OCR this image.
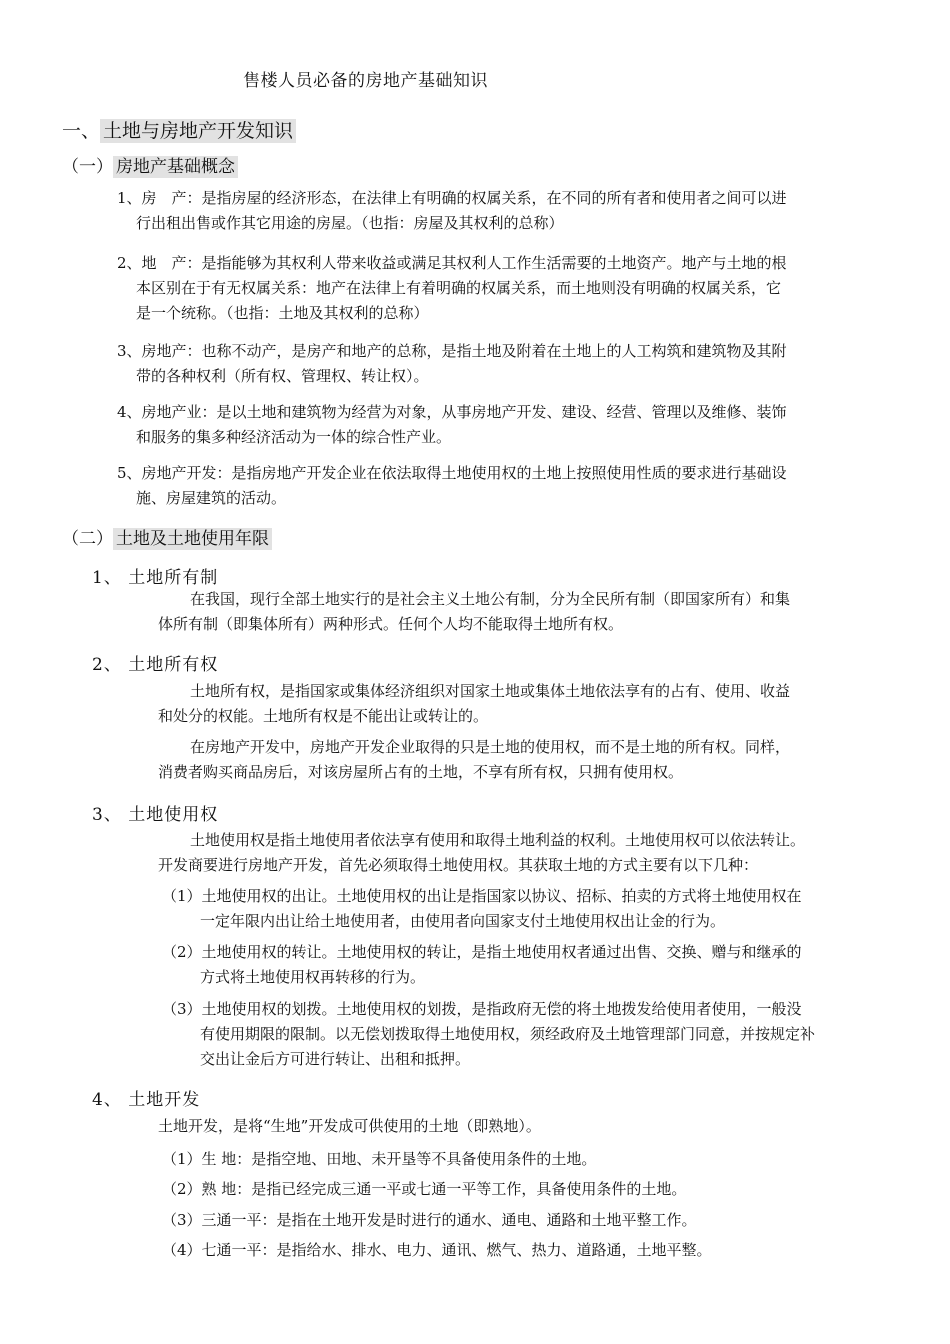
售楼人员必备的房地产基础知识
一、 土地与房地产开发知识
（一） 房地产基础概念
1、房　产：是指房屋的经济形态，在法律上有明确的权属关系，在不同的所有者和使用者之间可以进
行出租出售或作其它用途的房屋。（也指：房屋及其权利的总称）
2、地　产：是指能够为其权利人带来收益或满足其权利人工作生活需要的土地资产。地产与土地的根
本区别在于有无权属关系：地产在法律上有着明确的权属关系，而土地则没有明确的权属关系，它
是一个统称。（也指：土地及其权利的总称）
3、房地产：也称不动产，是房产和地产的总称，是指土地及附着在土地上的人工构筑和建筑物及其附
带的各种权利（所有权、管理权、转让权）。
4、房地产业：是以土地和建筑物为经营为对象，从事房地产开发、建设、经营、管理以及维修、装饰
和服务的集多种经济活动为一体的综合性产业。
5、房地产开发：是指房地产开发企业在依法取得土地使用权的土地上按照使用性质的要求进行基础设
施、房屋建筑的活动。
（二） 土地及土地使用年限
1、 土地所有制
在我国，现行全部土地实行的是社会主义土地公有制，分为全民所有制（即国家所有）和集
体所有制（即集体所有）两种形式。任何个人均不能取得土地所有权。
2、 土地所有权
土地所有权，是指国家或集体经济组织对国家土地或集体土地依法享有的占有、使用、收益
和处分的权能。土地所有权是不能出让或转让的。
在房地产开发中，房地产开发企业取得的只是土地的使用权，而不是土地的所有权。同样，
消费者购买商品房后，对该房屋所占有的土地，不享有所有权，只拥有使用权。
3、 土地使用权
土地使用权是指土地使用者依法享有使用和取得土地利益的权利。土地使用权可以依法转让。
开发商要进行房地产开发，首先必须取得土地使用权。其获取土地的方式主要有以下几种：
（1）土地使用权的出让。土地使用权的出让是指国家以协议、招标、拍卖的方式将土地使用权在
一定年限内出让给土地使用者，由使用者向国家支付土地使用权出让金的行为。
（2）土地使用权的转让。土地使用权的转让，是指土地使用权者通过出售、交换、赠与和继承的
方式将土地使用权再转移的行为。
（3）土地使用权的划拨。土地使用权的划拨，是指政府无偿的将土地拨发给使用者使用，一般没
有使用期限的限制。以无偿划拨取得土地使用权，须经政府及土地管理部门同意，并按规定补
交出让金后方可进行转让、出租和抵押。
4、 土地开发
土地开发，是将“生地”开发成可供使用的土地（即熟地）。
（1）生 地：是指空地、田地、未开垦等不具备使用条件的土地。
（2）熟 地：是指已经完成三通一平或七通一平等工作，具备使用条件的土地。
（3）三通一平：是指在土地开发是时进行的通水、通电、通路和土地平整工作。
（4）七通一平：是指给水、排水、电力、通讯、燃气、热力、道路通，土地平整。
